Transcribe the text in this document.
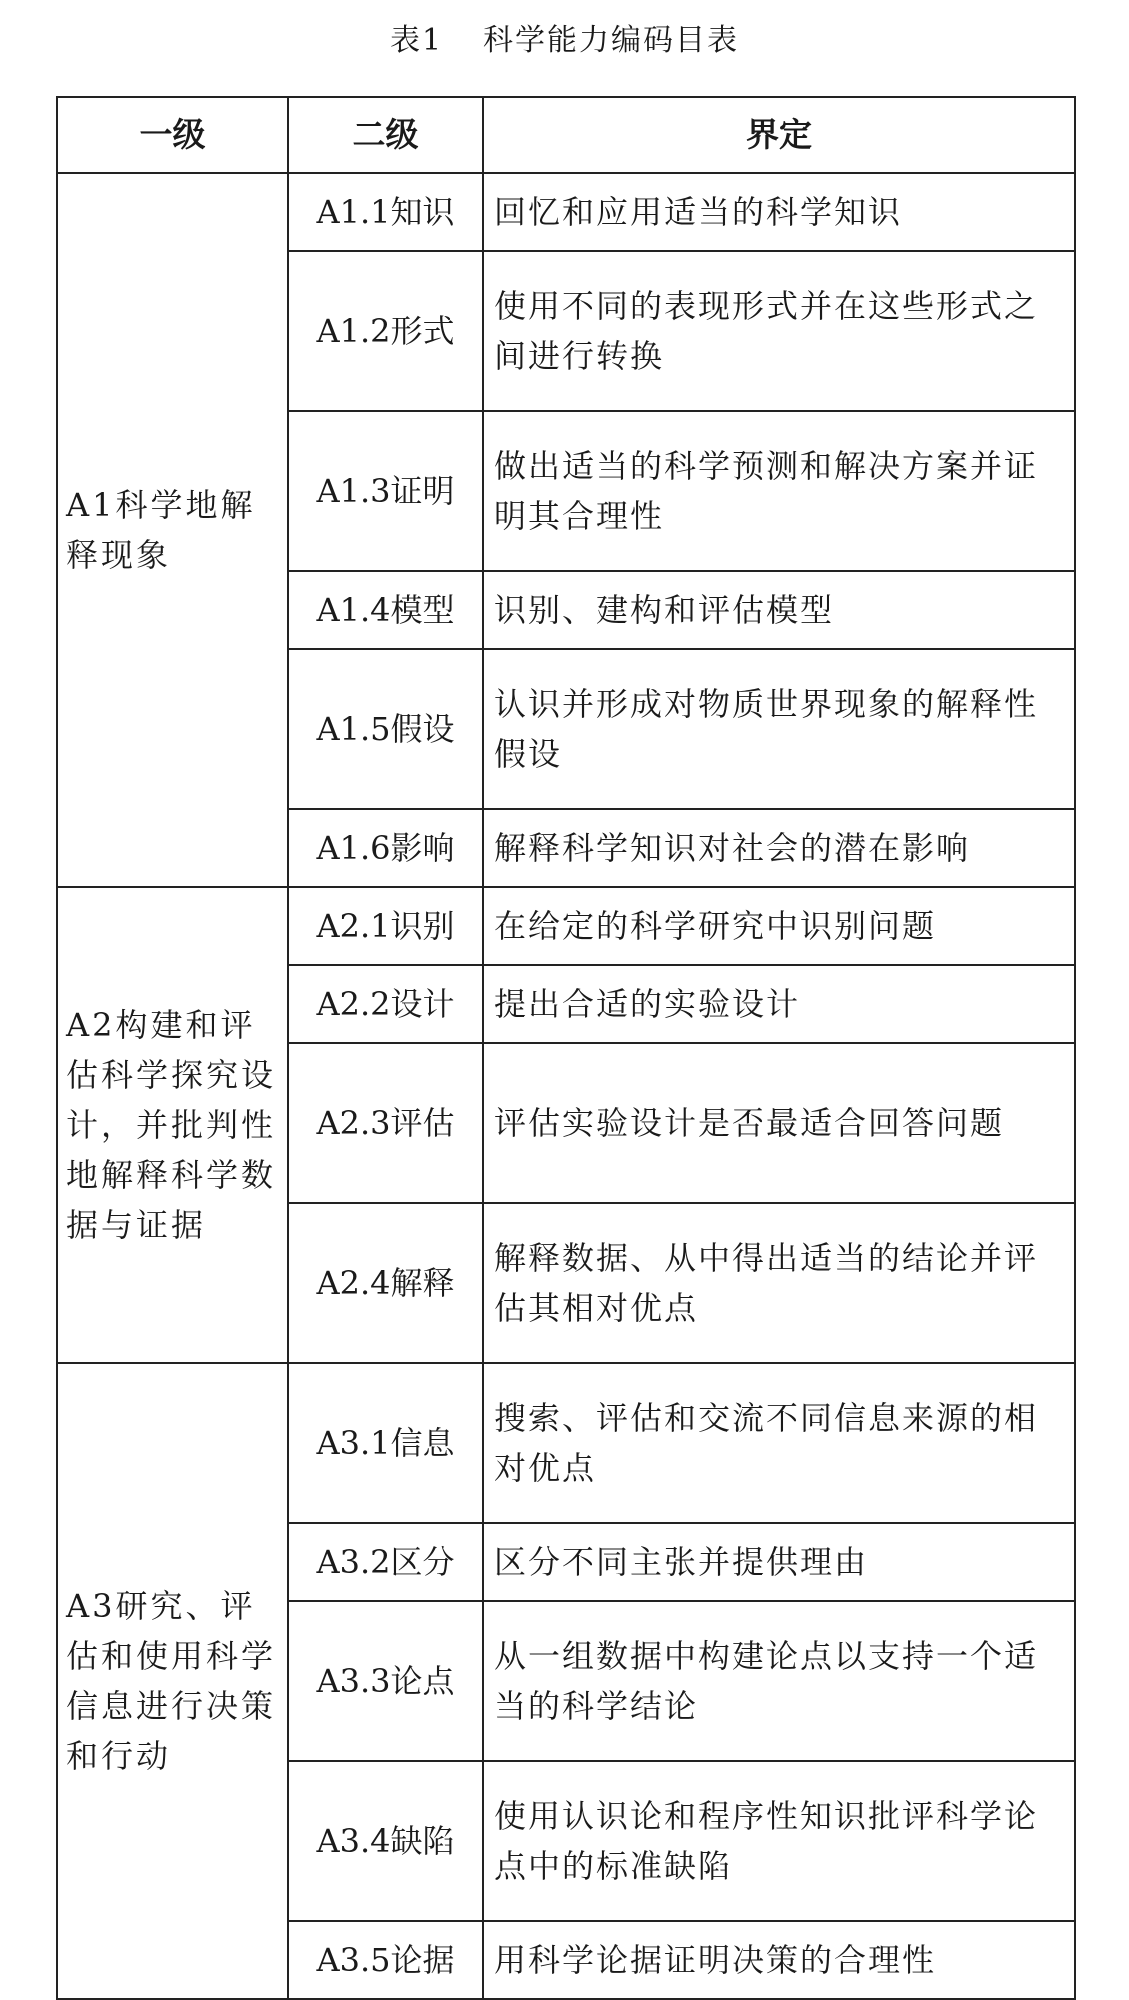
表1 科学能力编码目表
一级	二级	界定
A1科学地解释现象	A1.1知识	回忆和应用适当的科学知识
	A1.2形式	使用不同的表现形式并在这些形式之间进行转换
	A1.3证明	做出适当的科学预测和解决方案并证明其合理性
	A1.4模型	识别、建构和评估模型
	A1.5假设	认识并形成对物质世界现象的解释性假设
	A1.6影响	解释科学知识对社会的潜在影响
A2构建和评估科学探究设计，并批判性地解释科学数据与证据	A2.1识别	在给定的科学研究中识别问题
	A2.2设计	提出合适的实验设计
	A2.3评估	评估实验设计是否最适合回答问题
	A2.4解释	解释数据、从中得出适当的结论并评估其相对优点
A3研究、评估和使用科学信息进行决策和行动	A3.1信息	搜索、评估和交流不同信息来源的相对优点
	A3.2区分	区分不同主张并提供理由
	A3.3论点	从一组数据中构建论点以支持一个适当的科学结论
	A3.4缺陷	使用认识论和程序性知识批评科学论点中的标准缺陷
	A3.5论据	用科学论据证明决策的合理性
